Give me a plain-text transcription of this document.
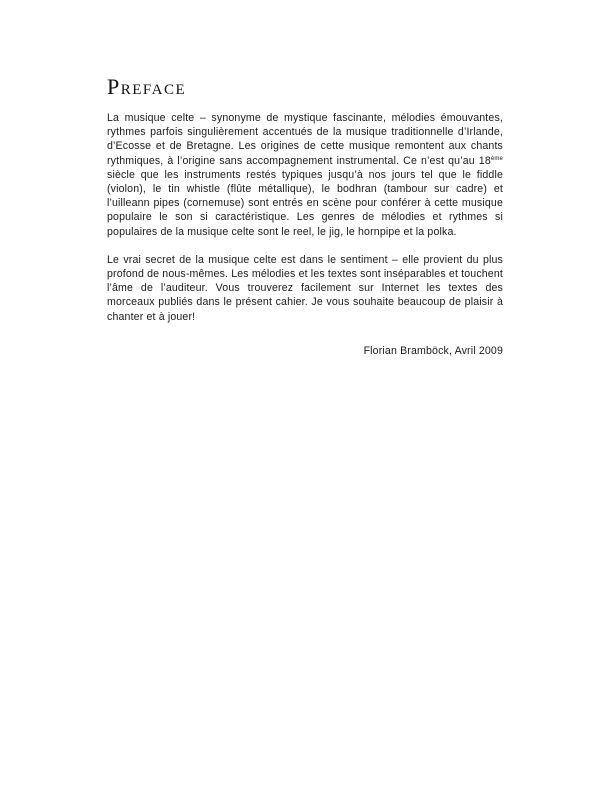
Preface

La musique celte – synonyme de mystique fascinante, mélodies émouvantes, rythmes parfois singulièrement accentués de la musique traditionnelle d’Irlande, d’Ecosse et de Bretagne. Les origines de cette musique remontent aux chants rythmiques, à l’origine sans accompagnement instrumental. Ce n’est qu’au 18ème siècle que les instruments restés typiques jusqu’à nos jours tel que le fiddle (violon), le tin whistle (flûte métallique), le bodhran (tambour sur cadre) et l’uilleann pipes (cornemuse) sont entrés en scène pour conférer à cette musique populaire le son si caractéristique. Les genres de mélodies et rythmes si populaires de la musique celte sont le reel, le jig, le hornpipe et la polka.

Le vrai secret de la musique celte est dans le sentiment – elle provient du plus profond de nous-mêmes. Les mélodies et les textes sont inséparables et touchent l’âme de l’auditeur. Vous trouverez facilement sur Internet les textes des morceaux publiés dans le présent cahier. Je vous souhaite beaucoup de plaisir à chanter et à jouer!

Florian Bramböck, Avril 2009
